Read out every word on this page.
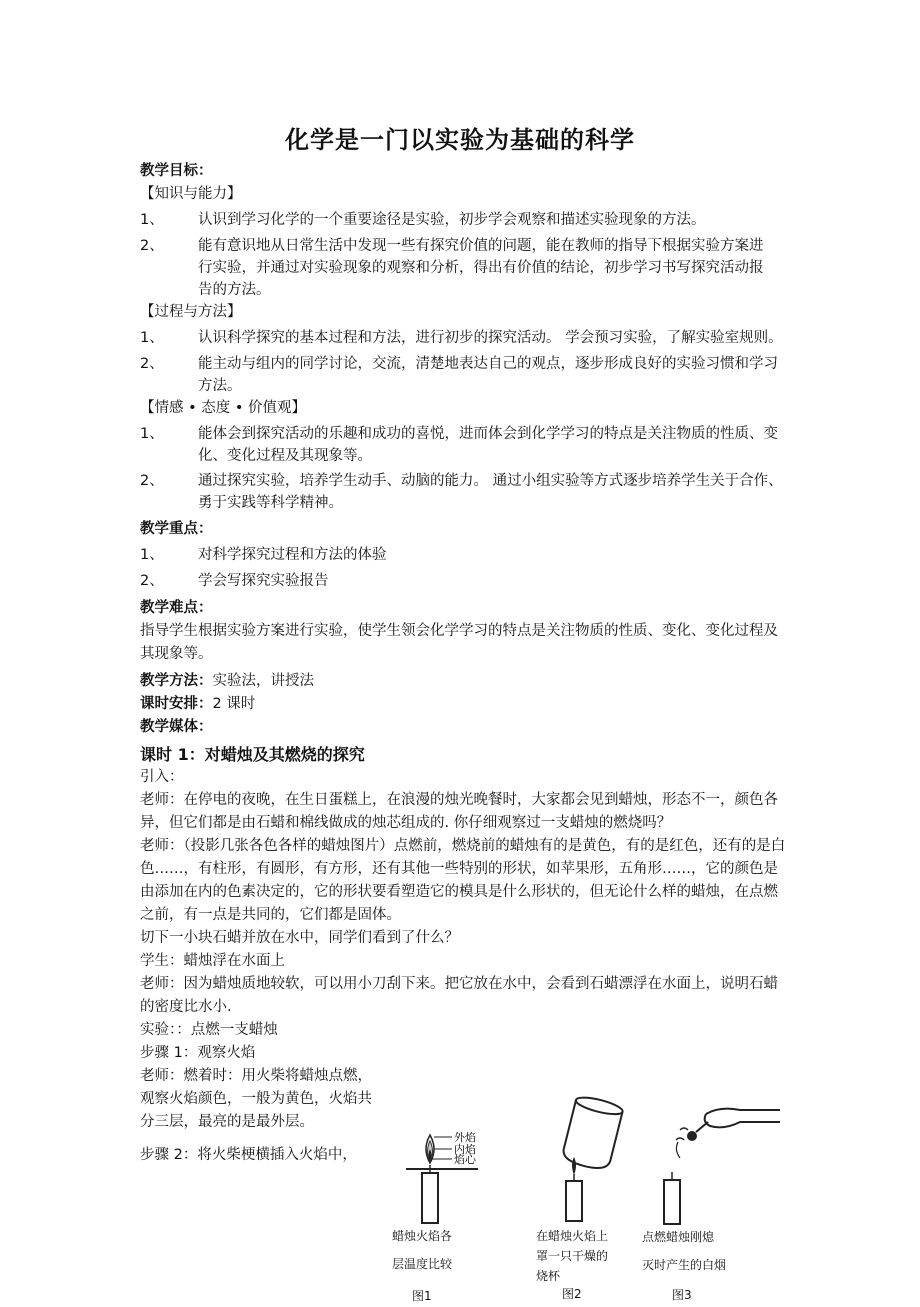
化学是一门以实验为基础的科学

教学目标：

【知识与能力】

1、	认识到学习化学的一个重要途径是实验，初步学会观察和描述实验现象的方法。
2、	能有意识地从日常生活中发现一些有探究价值的问题，能在教师的指导下根据实验方案进行实验，并通过对实验现象的观察和分析，得出有价值的结论，初步学习书写探究活动报告的方法。

【过程与方法】

1、	认识科学探究的基本过程和方法，进行初步的探究活动。 学会预习实验，了解实验室规则。
2、	能主动与组内的同学讨论，交流，清楚地表达自己的观点，逐步形成良好的实验习惯和学习方法。

【情感 • 态度 • 价值观】

1、	能体会到探究活动的乐趣和成功的喜悦，进而体会到化学学习的特点是关注物质的性质、变化、变化过程及其现象等。
2、	通过探究实验，培养学生动手、动脑的能力。 通过小组实验等方式逐步培养学生关于合作、勇于实践等科学精神。

教学重点：

1、	对科学探究过程和方法的体验
2、	学会写探究实验报告

教学难点：

指导学生根据实验方案进行实验，使学生领会化学学习的特点是关注物质的性质、变化、变化过程及其现象等。

教学方法：实验法，讲授法

课时安排：2 课时

教学媒体：

课时 1：对蜡烛及其燃烧的探究

引入：

老师：在停电的夜晚，在生日蛋糕上，在浪漫的烛光晚餐时，大家都会见到蜡烛，形态不一，颜色各异，但它们都是由石蜡和棉线做成的烛芯组成的. 你仔细观察过一支蜡烛的燃烧吗？

老师：（投影几张各色各样的蜡烛图片）点燃前，燃烧前的蜡烛有的是黄色，有的是红色，还有的是白色……，有柱形，有圆形，有方形，还有其他一些特别的形状，如苹果形，五角形……，它的颜色是由添加在内的色素决定的，它的形状要看塑造它的模具是什么形状的，但无论什么样的蜡烛，在点燃之前，有一点是共同的，它们都是固体。

切下一小块石蜡并放在水中，同学们看到了什么？

学生：蜡烛浮在水面上

老师：因为蜡烛质地较软，可以用小刀刮下来。把它放在水中，会看到石蜡漂浮在水面上，说明石蜡的密度比水小.

实验：：点燃一支蜡烛

步骤 1：观察火焰

老师：燃着时：用火柴将蜡烛点燃，观察火焰颜色，一般为黄色，火焰共分三层，最亮的是最外层。

步骤 2：将火柴梗横插入火焰中，

外焰
内焰
焰心
蜡烛火焰各
层温度比较
图1
在蜡烛火焰上
罩一只干燥的
烧杯
图2
点燃蜡烛刚熄
灭时产生的白烟
图3
